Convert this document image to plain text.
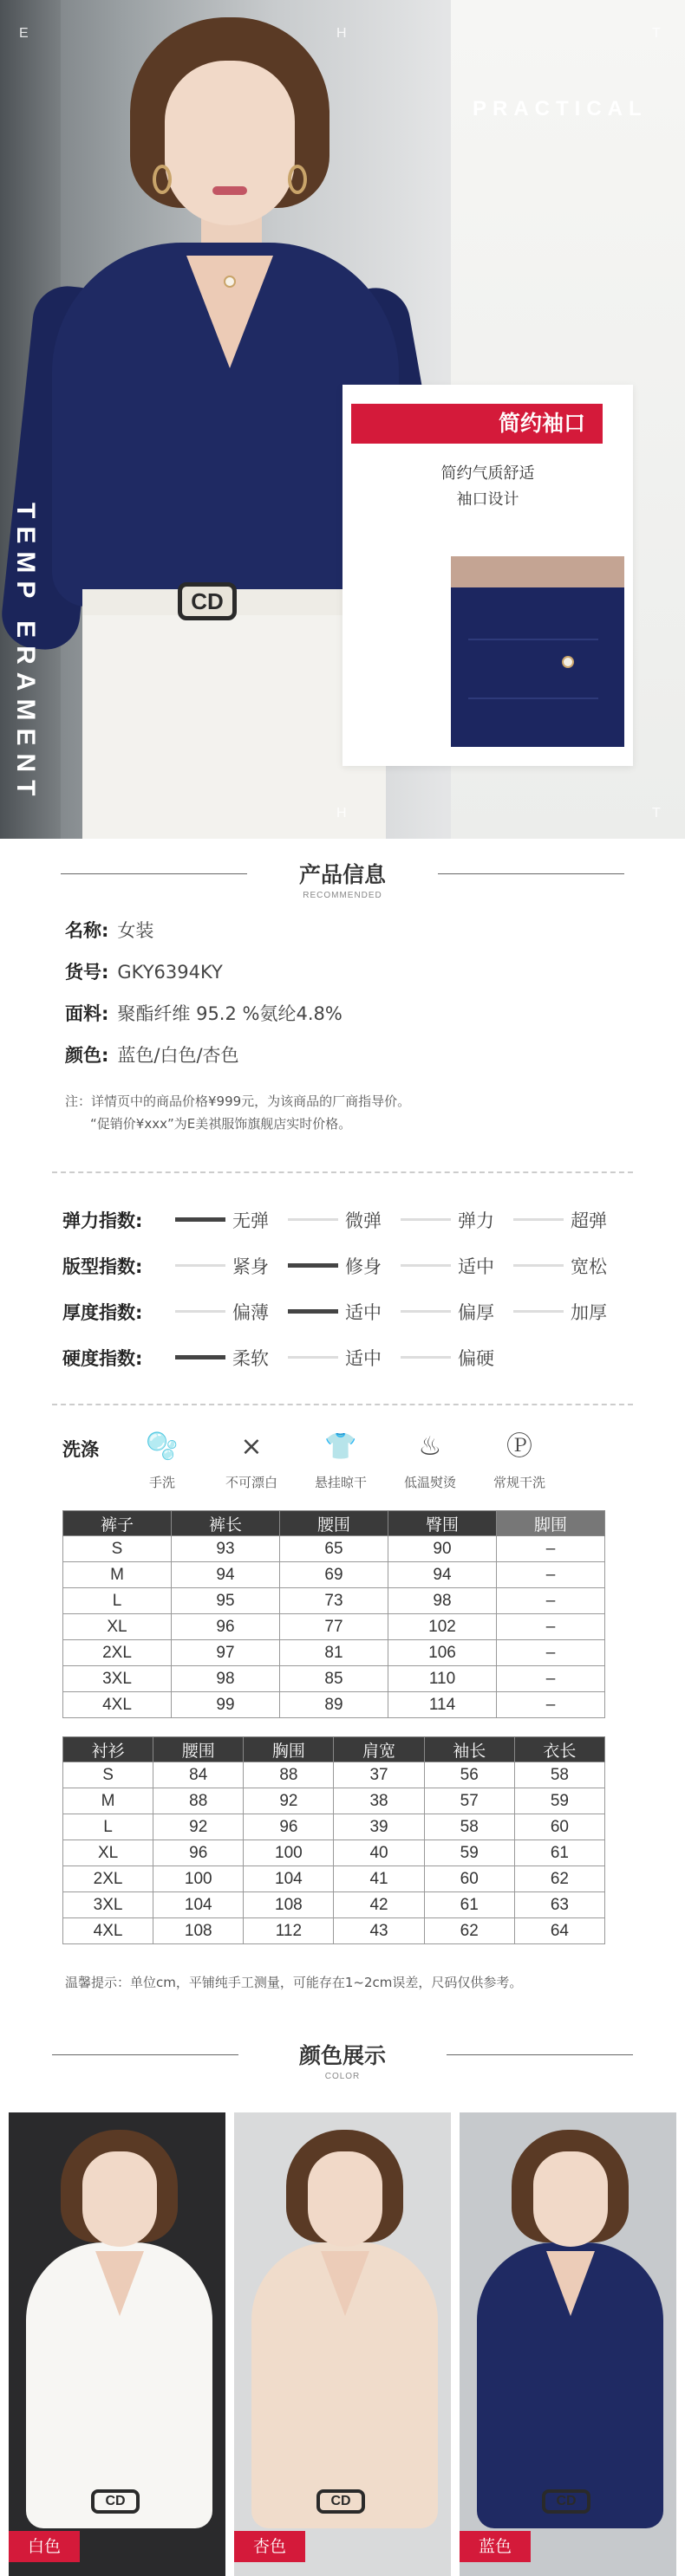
CD
E	H	T
H	T
PRACTICAL
TEMP ERAMENT
简约袖口
简约气质舒适
袖口设计
产品信息
RECOMMENDED
名称: 女装
货号: GKY6394KY
面料: 聚酯纤维 95.2 %氨纶4.8%
颜色: 蓝色/白色/杏色
注：详情页中的商品价格¥999元，为该商品的厂商指导价。
“促销价¥xxx”为E美祺服饰旗舰店实时价格。
弹力指数:	无弹	微弹	弹力	超弹
版型指数:	紧身	修身	适中	宽松
厚度指数:	偏薄	适中	偏厚	加厚
硬度指数:	柔软	适中	偏硬
洗涤	🫧
手洗
⨯
不可漂白
👕
悬挂晾干
♨
低温熨烫
Ⓟ
常规干洗
裤子	裤长	腰围	臀围	脚围
S	93	65	90	–
M	94	69	94	–
L	95	73	98	–
XL	96	77	102	–
2XL	97	81	106	–
3XL	98	85	110	–
4XL	99	89	114	–
衬衫	腰围	胸围	肩宽	袖长	衣长
S	84	88	37	56	58
M	88	92	38	57	59
L	92	96	39	58	60
XL	96	100	40	59	61
2XL	100	104	41	60	62
3XL	104	108	42	61	63
4XL	108	112	43	62	64
温馨提示：单位cm，平铺纯手工测量，可能存在1~2cm误差，尺码仅供参考。
颜色展示
COLOR
CD
白色
CD
杏色
CD
蓝色
